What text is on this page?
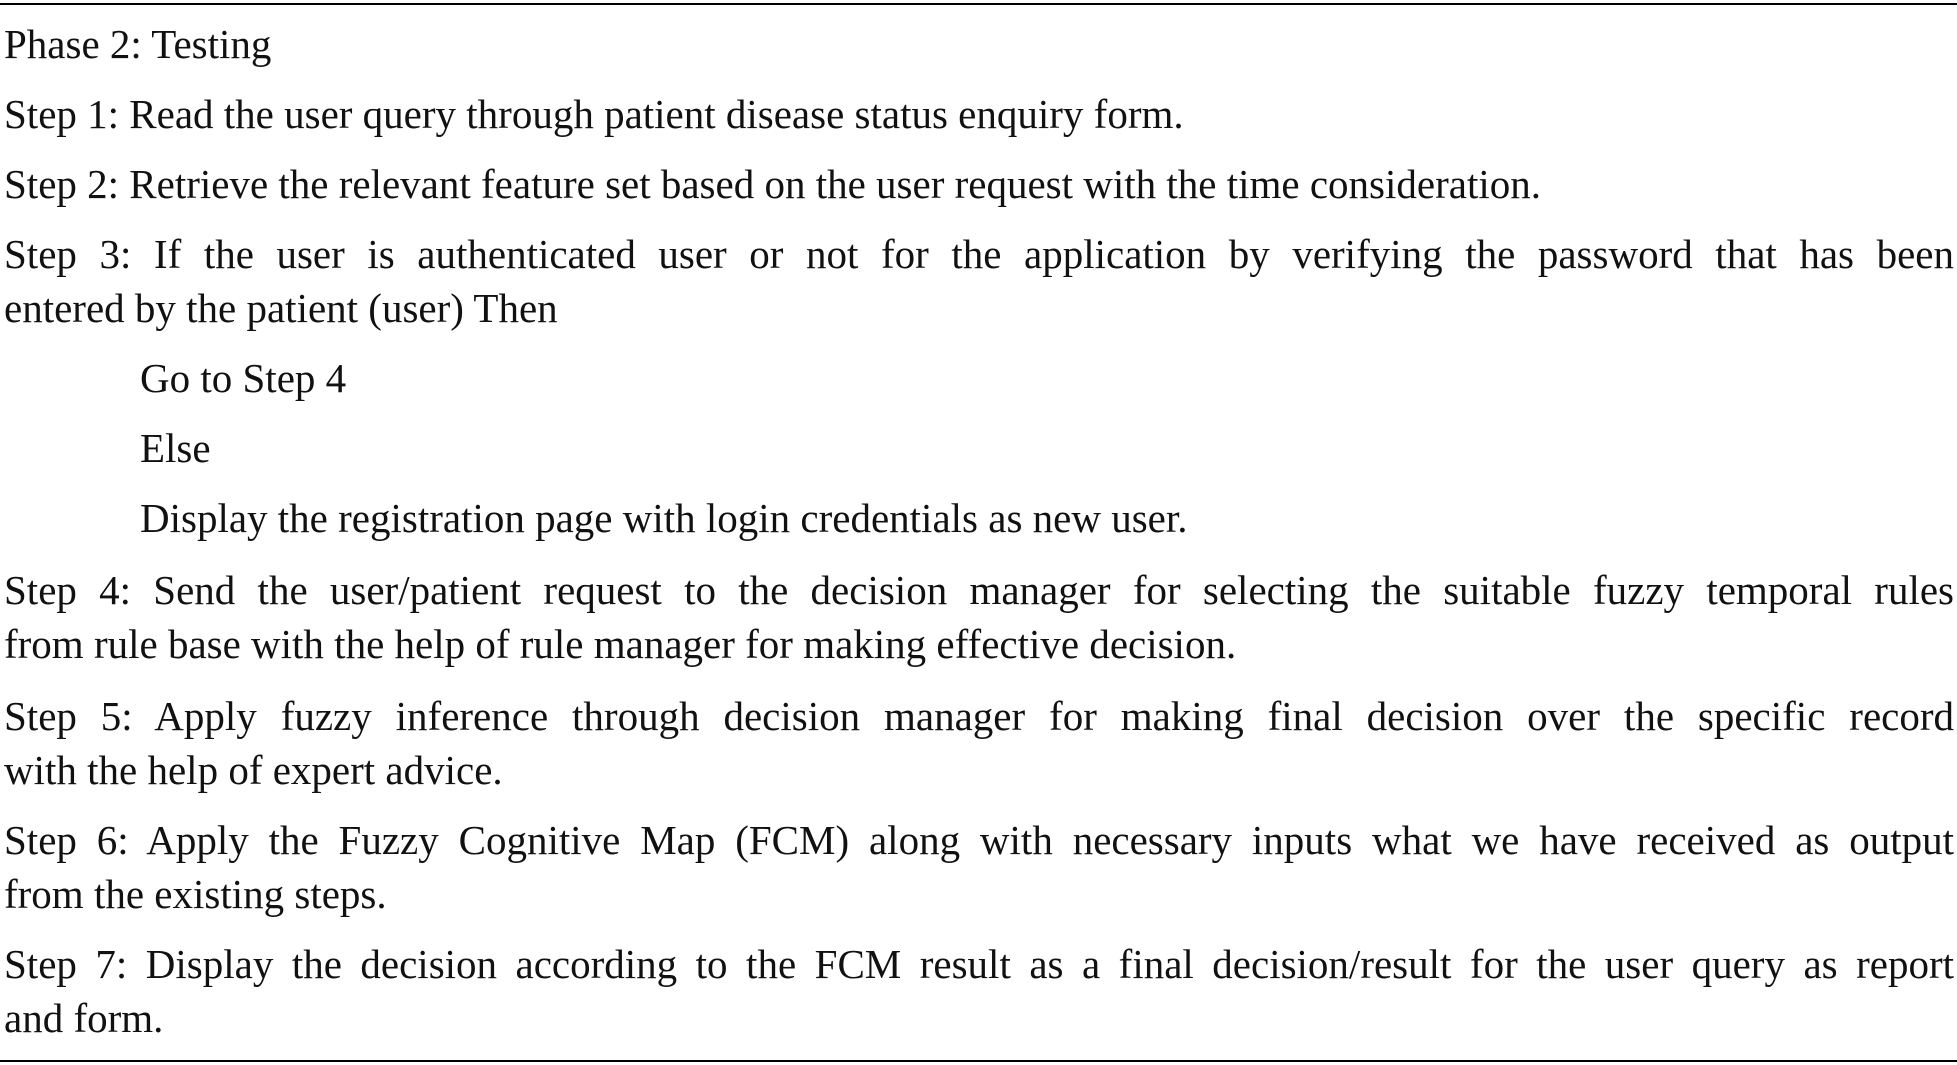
Phase 2: Testing

Step 1: Read the user query through patient disease status enquiry form.

Step 2: Retrieve the relevant feature set based on the user request with the time consideration.

Step 3: If the user is authenticated user or not for the application by verifying the password that has been

entered by the patient (user) Then

Go to Step 4

Else

Display the registration page with login credentials as new user.

Step 4: Send the user/patient request to the decision manager for selecting the suitable fuzzy temporal rules

from rule base with the help of rule manager for making effective decision.

Step 5: Apply fuzzy inference through decision manager for making final decision over the specific record

with the help of expert advice.

Step 6: Apply the Fuzzy Cognitive Map (FCM) along with necessary inputs what we have received as output

from the existing steps.

Step 7: Display the decision according to the FCM result as a final decision/result for the user query as report

and form.
